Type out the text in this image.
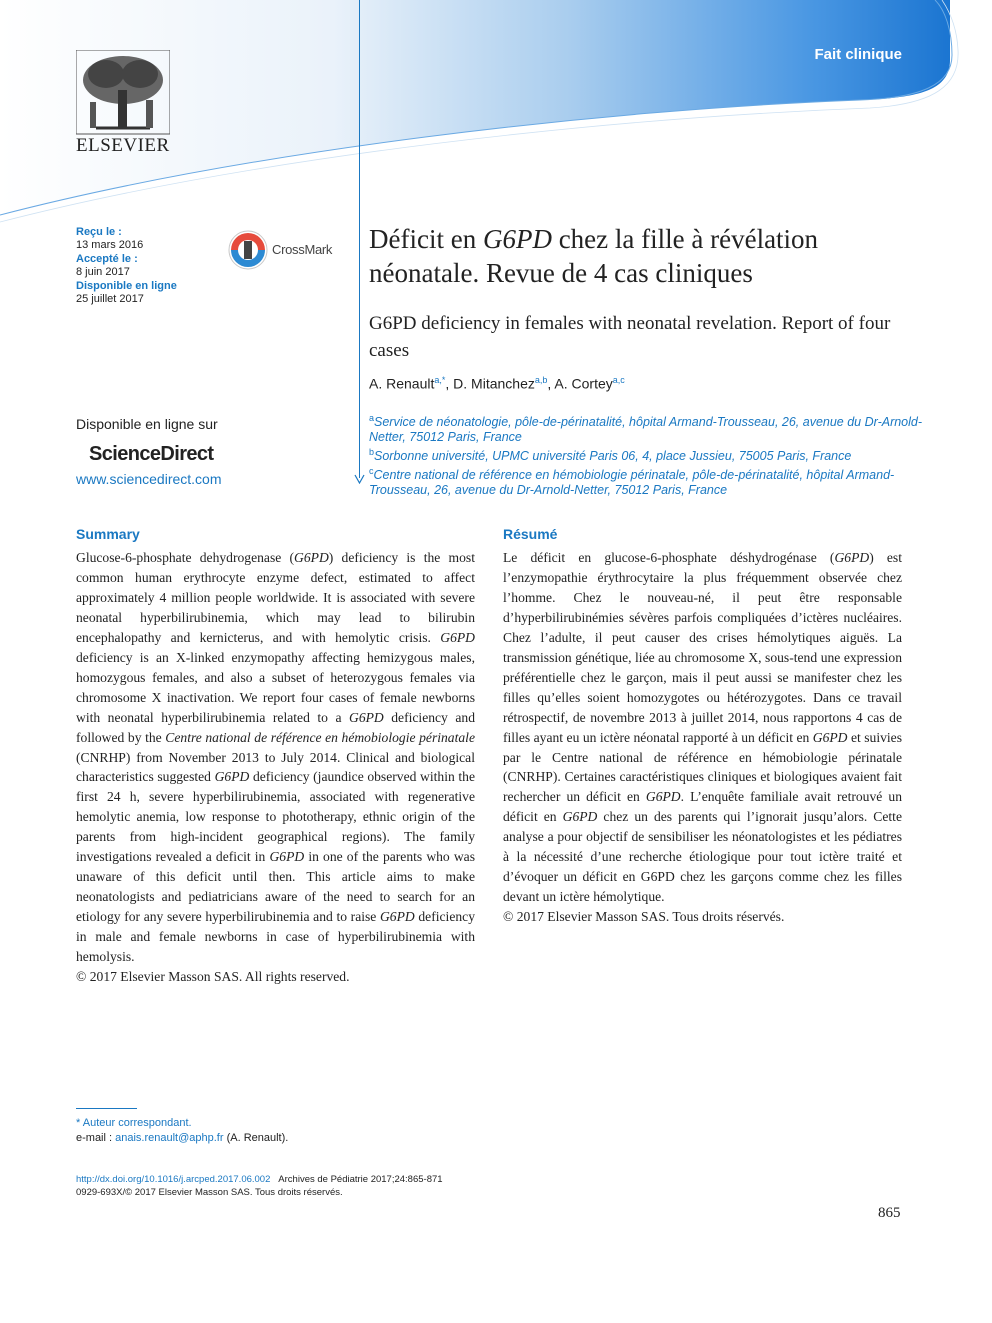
Fait clinique
ELSEVIER
Reçu le :
13 mars 2016
Accepté le :
8 juin 2017
Disponible en ligne
25 juillet 2017
CrossMark
Disponible en ligne sur
ScienceDirect
www.sciencedirect.com
Déficit en G6PD chez la fille à révélation néonatale. Revue de 4 cas cliniques
G6PD deficiency in females with neonatal revelation. Report of four cases
A. Renault$^{a,*}$, D. Mitanchez$^{a,b}$, A. Cortey$^{a,c}$
$^a$Service de néonatologie, pôle-de-périnatalité, hôpital Armand-Trousseau, 26, avenue du Dr-Arnold-Netter, 75012 Paris, France
$^b$Sorbonne université, UPMC université Paris 06, 4, place Jussieu, 75005 Paris, France
$^c$Centre national de référence en hémobiologie périnatale, pôle-de-périnatalité, hôpital Armand-Trousseau, 26, avenue du Dr-Arnold-Netter, 75012 Paris, France
Summary

Glucose-6-phosphate dehydrogenase (G6PD) deficiency is the most common human erythrocyte enzyme defect, estimated to affect approximately 4 million people worldwide. It is associated with severe neonatal hyperbilirubinemia, which may lead to bilirubin encephalopathy and kernicterus, and with hemolytic crisis. G6PD deficiency is an X-linked enzymopathy affecting hemizygous males, homozygous females, and also a subset of heterozygous females via chromosome X inactivation. We report four cases of female newborns with neonatal hyperbilirubinemia related to a G6PD deficiency and followed by the Centre national de référence en hémobiologie périnatale (CNRHP) from November 2013 to July 2014. Clinical and biological characteristics suggested G6PD deficiency (jaundice observed within the first 24 h, severe hyperbilirubinemia, associated with regenerative hemolytic anemia, low response to phototherapy, ethnic origin of the parents from high-incident geographical regions). The family investigations revealed a deficit in G6PD in one of the parents who was unaware of this deficit until then. This article aims to make neonatologists and pediatricians aware of the need to search for an etiology for any severe hyperbilirubinemia and to raise G6PD deficiency in male and female newborns in case of hyperbilirubinemia with hemolysis.

© 2017 Elsevier Masson SAS. All rights reserved.

Résumé

Le déficit en glucose-6-phosphate déshydrogénase (G6PD) est l’enzymopathie érythrocytaire la plus fréquemment observée chez l’homme. Chez le nouveau-né, il peut être responsable d’hyperbilirubinémies sévères parfois compliquées d’ictères nucléaires. Chez l’adulte, il peut causer des crises hémolytiques aiguës. La transmission génétique, liée au chromosome X, sous-tend une expression préférentielle chez le garçon, mais il peut aussi se manifester chez les filles qu’elles soient homozygotes ou hétérozygotes. Dans ce travail rétrospectif, de novembre 2013 à juillet 2014, nous rapportons 4 cas de filles ayant eu un ictère néonatal rapporté à un déficit en G6PD et suivies par le Centre national de référence en hémobiologie périnatale (CNRHP). Certaines caractéristiques cliniques et biologiques avaient fait rechercher un déficit en G6PD. L’enquête familiale avait retrouvé un déficit en G6PD chez un des parents qui l’ignorait jusqu’alors. Cette analyse a pour objectif de sensibiliser les néonatologistes et les pédiatres à la nécessité d’une recherche étiologique pour tout ictère traité et d’évoquer un déficit en G6PD chez les garçons comme chez les filles devant un ictère hémolytique.

© 2017 Elsevier Masson SAS. Tous droits réservés.

* Auteur correspondant.
e-mail : anais.renault@aphp.fr (A. Renault).
http://dx.doi.org/10.1016/j.arcped.2017.06.002 Archives de Pédiatrie 2017;24:865-871
0929-693X/© 2017 Elsevier Masson SAS. Tous droits réservés.
865
